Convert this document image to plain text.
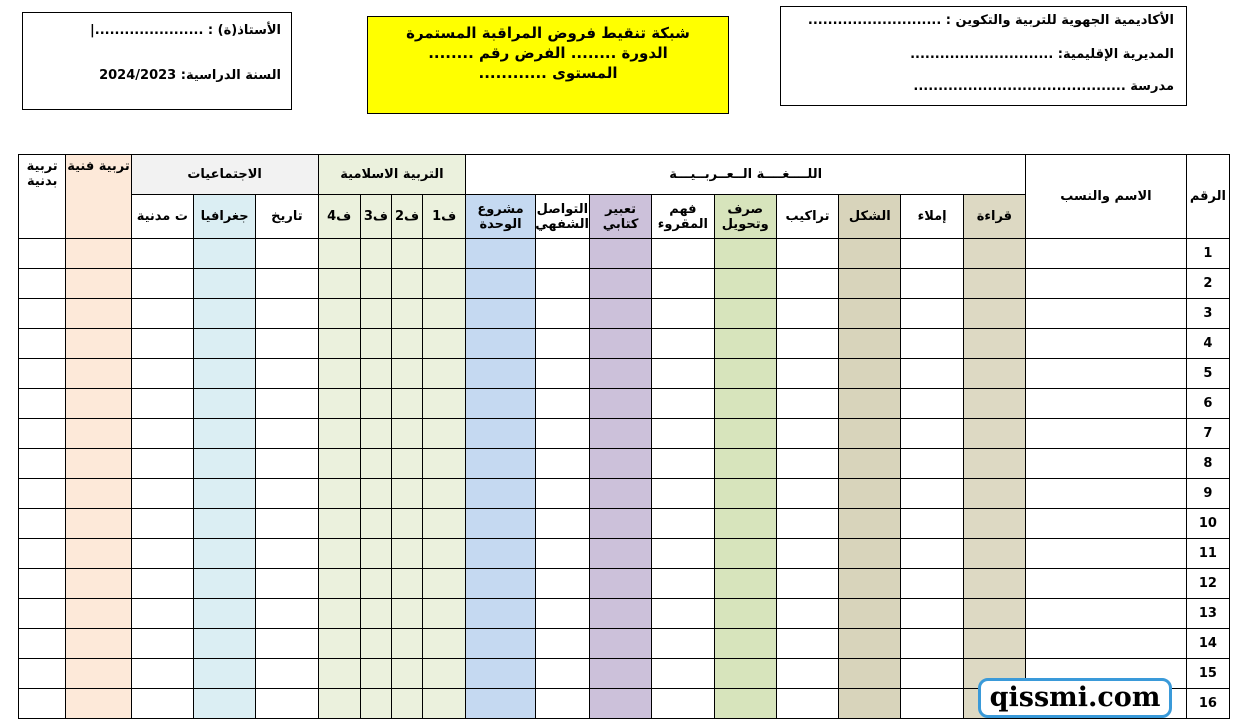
الأستاذ(ة) : ......................|
السنة الدراسية: 2024/2023
شبكة تنقيط فروض المراقبة المستمرة
الدورة ........ الفرض رقم ........
المستوى ............
الأكاديمية الجهوية للتربية والتكوين : ...........................
المديرية الإقليمية: .............................
مدرسة ...........................................
الرقم	الاسم والنسب	اللــــغــــة الــعــربــيـــة									التربية الاسلامية				الاجتماعيات			تربية فنية	تربية بدنية
		قراءة	إملاء	الشكل	تراكيب	صرف وتحويل	فهم المقروء	تعبير كتابي	التواصل الشفهي	مشروع الوحدة	ف1	ف2	ف3	ف4	تاريخ	جغرافيا	ت مدنية		
1																			
2																			
3																			
4																			
5																			
6																			
7																			
8																			
9																			
10																			
11																			
12																			
13																			
14																			
15																			
16																			
qissmi.com
